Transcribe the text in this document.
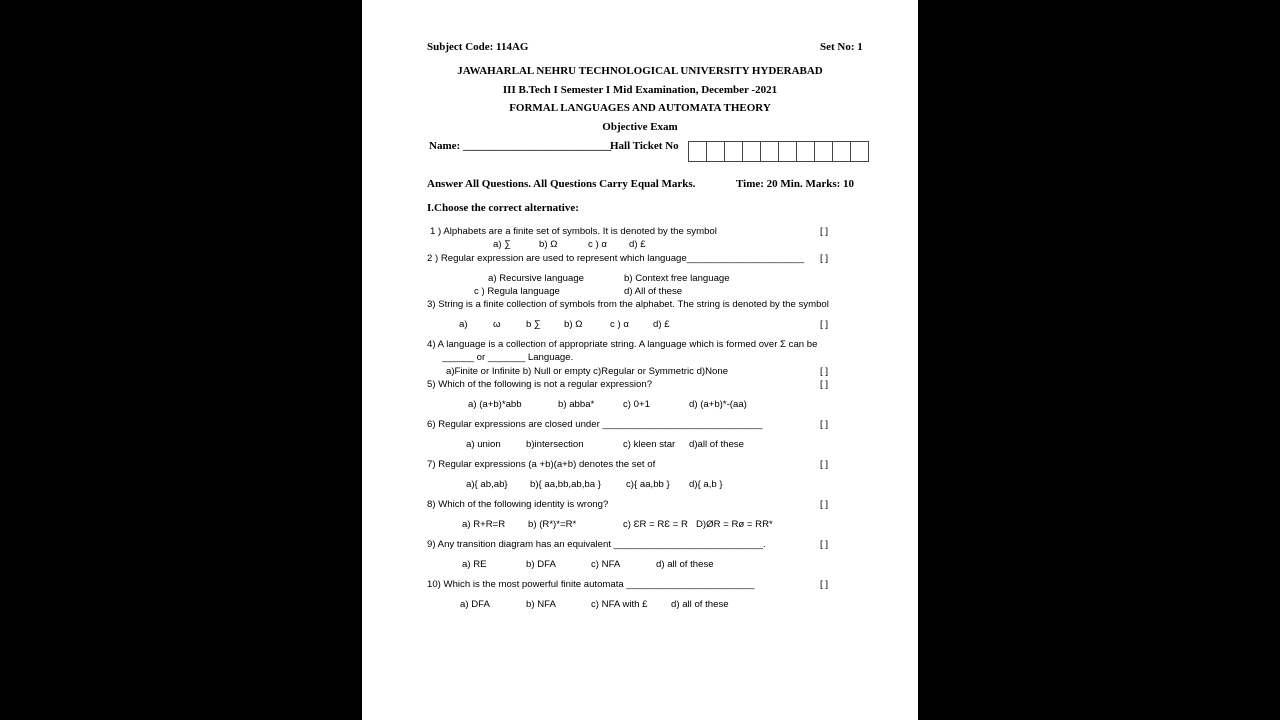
Subject Code: 114AG	Set No: 1
JAWAHARLAL NEHRU TECHNOLOGICAL UNIVERSITY HYDERABAD
III B.Tech I Semester I Mid Examination, December -2021
FORMAL LANGUAGES AND AUTOMATA THEORY
Objective Exam
Name: ___________________________
Hall Ticket No
Answer All Questions. All Questions Carry Equal Marks.	Time: 20 Min. Marks: 10
I.Choose the correct alternative:
1 ) Alphabets are a finite set of symbols. It is denoted by the symbol	[ ]
a) ∑	b) Ω	c ) α d) £
2 ) Regular expression are used to represent which language______________________ [ ]
a) Recursive language	b) Context free language
c ) Regula language	d) All of these
3) String is a finite collection of symbols from the alphabet. The string is denoted by the symbol
a)	ω	b ∑ b) Ω	c ) α	d) £	[ ]
4) A language is a collection of appropriate string. A language which is formed over Σ can be
______ or _______ Language.
a)Finite or Infinite b) Null or empty c)Regular or Symmetric d)None	[ ]
5) Which of the following is not a regular expression?	[ ]
a) (a+b)*abb	b) abba*	c) 0+1	d) (a+b)*-(aa)
6) Regular expressions are closed under ______________________________	[ ]
a) union	b)intersection	c) kleen star d)all of these
7) Regular expressions (a +b)(a+b) denotes the set of	[ ]
a){ ab,ab} b){ aa,bb,ab,ba }	c){ aa,bb } d){ a,b }
8) Which of the following identity is wrong?	[ ]
a) R+R=R b) (R*)*=R*	c) ƐR = RƐ = R D)ØR = Rø = RR*
9) Any transition diagram has an equivalent ____________________________.	[ ]
a) RE	b) DFA	c) NFA	d) all of these
10) Which is the most powerful finite automata ________________________	[ ]
a) DFA	b) NFA	c) NFA with £ d) all of these
